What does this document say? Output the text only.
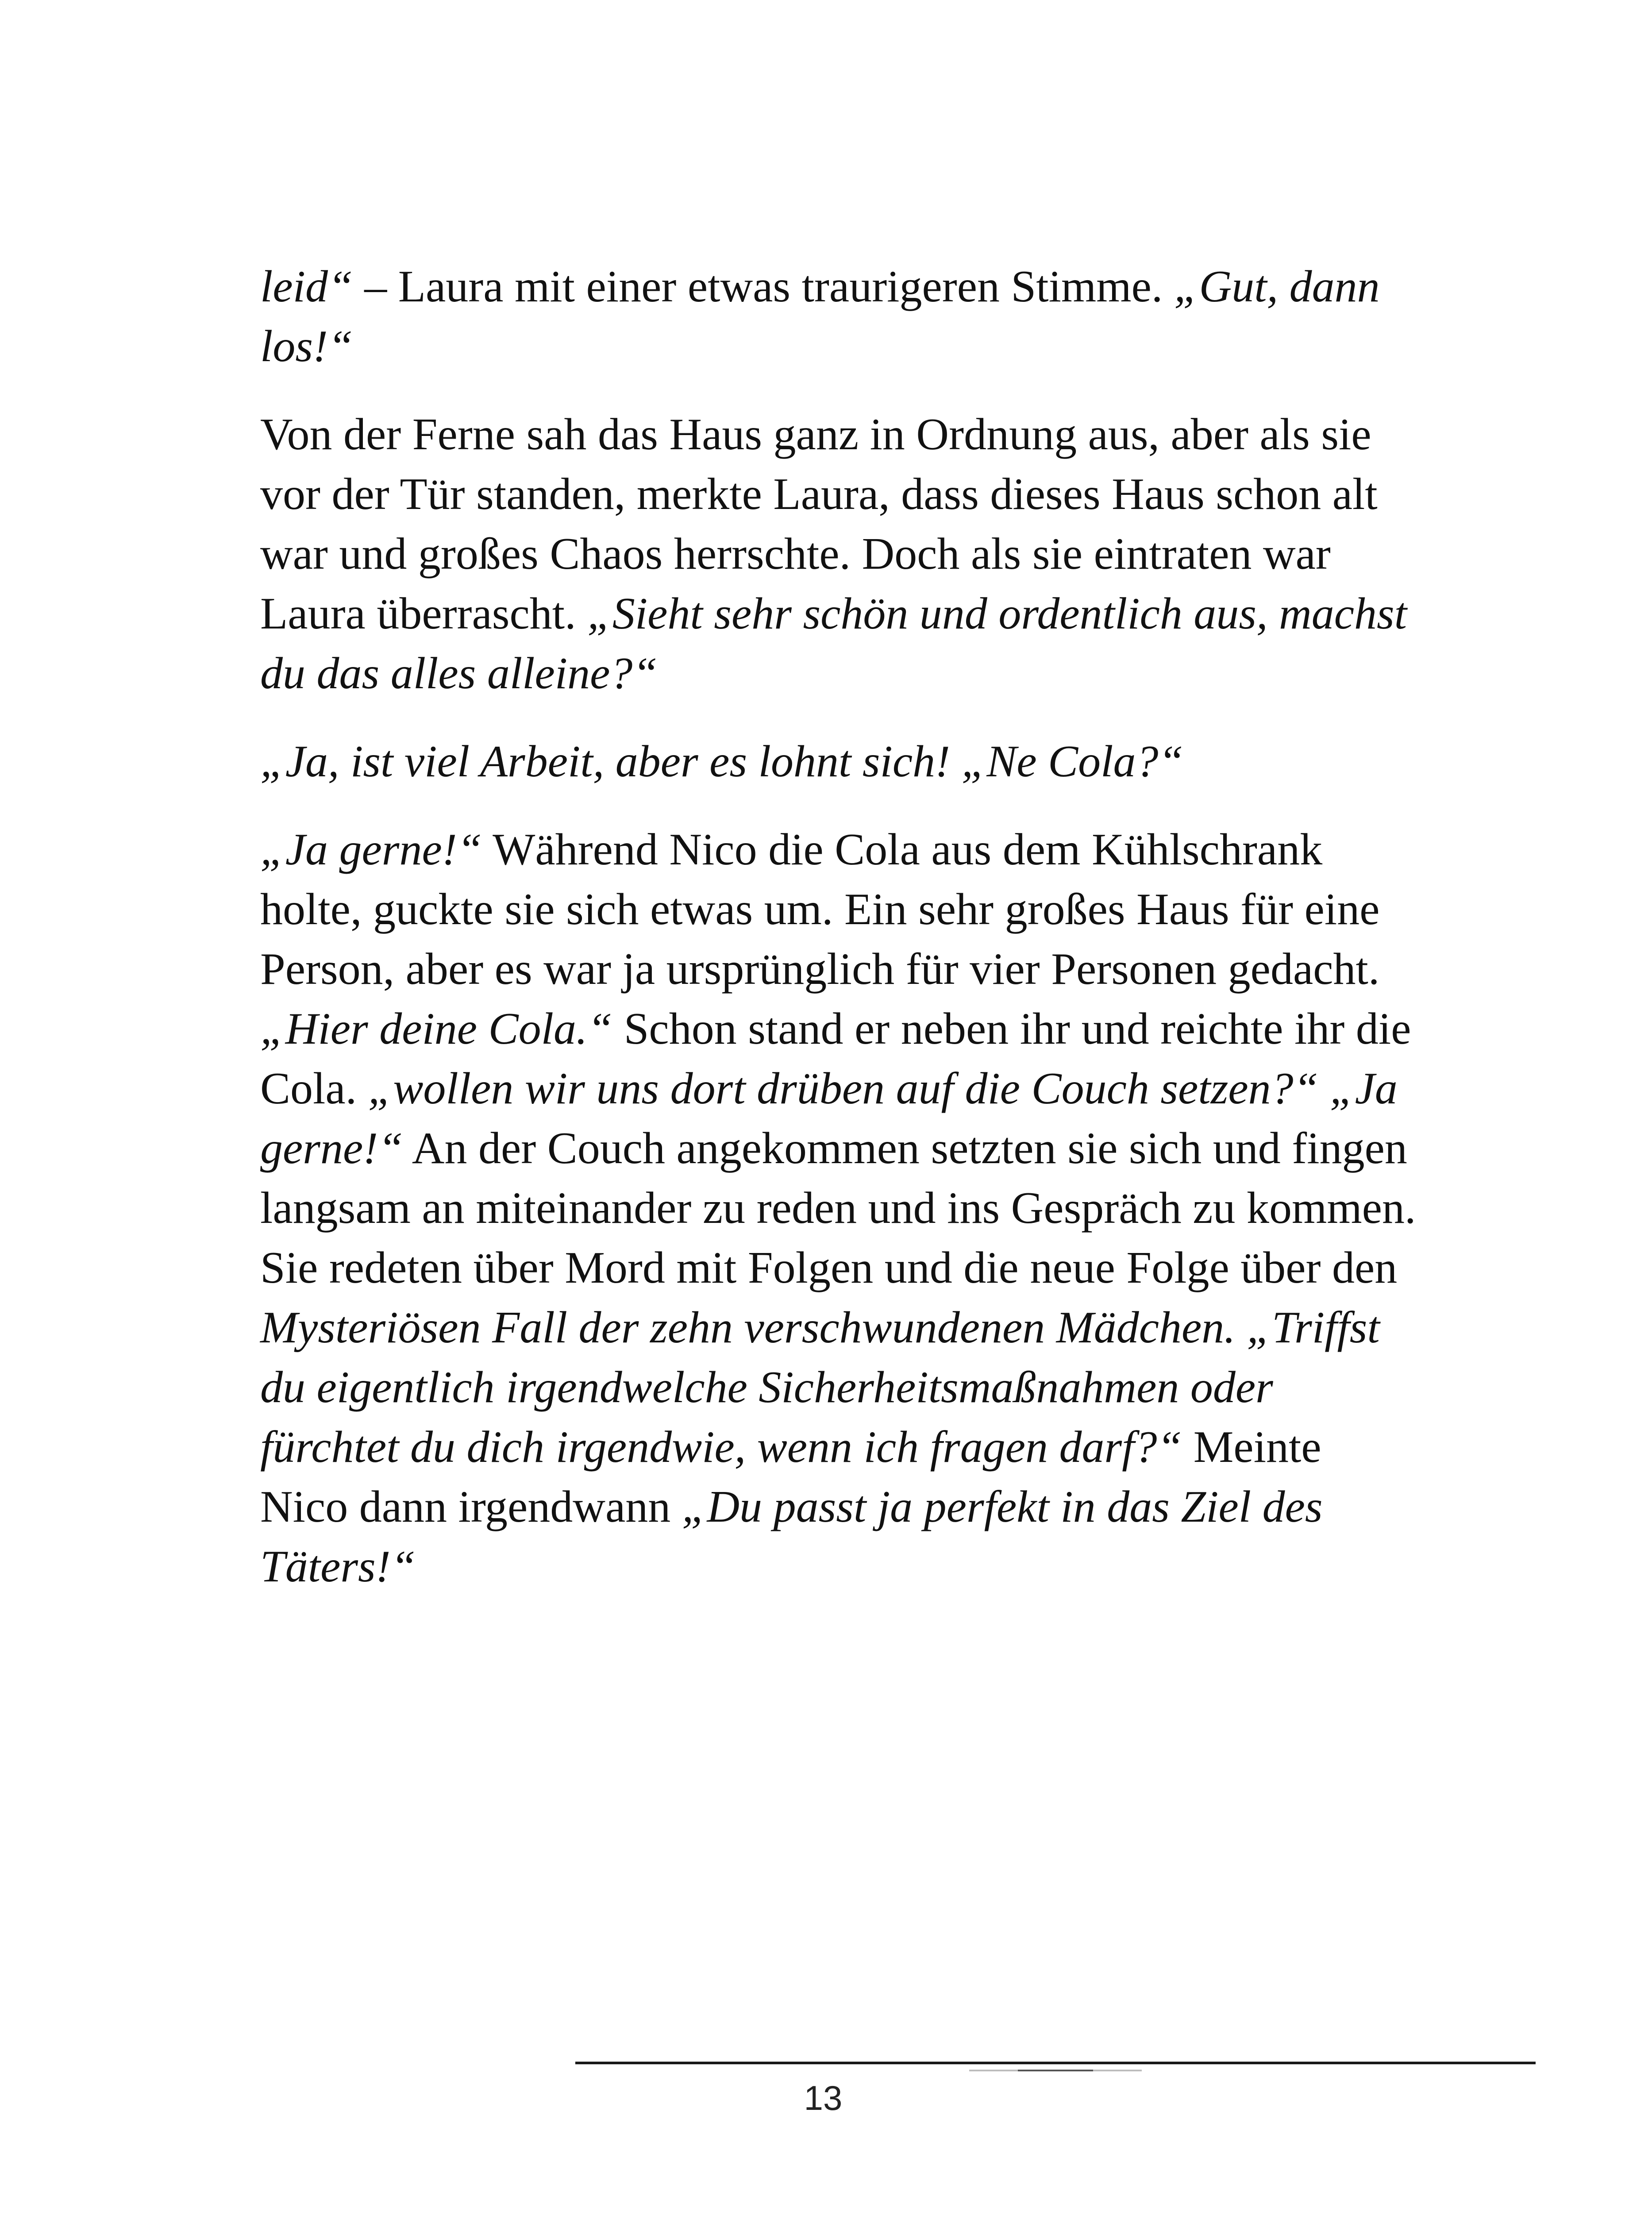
leid“ – Laura mit einer etwas traurigeren Stimme. „Gut, dann los!“

Von der Ferne sah das Haus ganz in Ordnung aus, aber als sie vor der Tür standen, merkte Laura, dass dieses Haus schon alt war und großes Chaos herrschte. Doch als sie eintraten war Laura überrascht. „Sieht sehr schön und ordentlich aus, machst du das alles alleine?“

„Ja, ist viel Arbeit, aber es lohnt sich! „Ne Cola?“

„Ja gerne!“ Während Nico die Cola aus dem Kühlschrank holte, guckte sie sich etwas um. Ein sehr großes Haus für eine Person, aber es war ja ursprünglich für vier Personen gedacht. „Hier deine Cola.“ Schon stand er neben ihr und reichte ihr die Cola. „wollen wir uns dort drüben auf die Couch setzen?“ „Ja gerne!“ An der Couch angekommen setzten sie sich und fingen langsam an miteinander zu reden und ins Gespräch zu kommen. Sie redeten über Mord mit Folgen und die neue Folge über den Mysteriösen Fall der zehn verschwundenen Mädchen. „Triffst du eigentlich irgendwelche Sicherheitsmaßnahmen oder fürchtet du dich irgendwie, wenn ich fragen darf?“ Meinte Nico dann irgendwann „Du passt ja perfekt in das Ziel des Täters!“

13
